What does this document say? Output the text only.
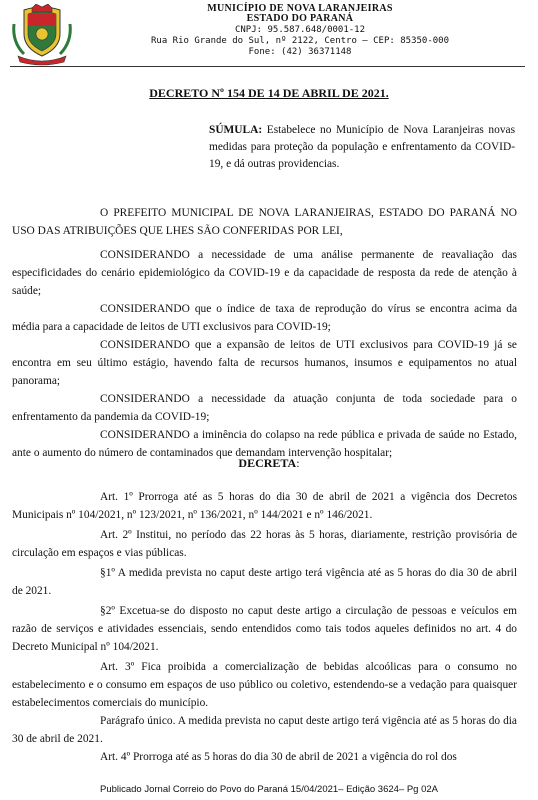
MUNICÍPIO DE NOVA LARANJEIRAS
ESTADO DO PARANÁ
CNPJ: 95.587.648/0001-12
Rua Rio Grande do Sul, nº 2122, Centro – CEP: 85350-000
Fone: (42) 36371148
DECRETO Nº 154 DE 14 DE ABRIL DE 2021.
SÚMULA: Estabelece no Município de Nova Laranjeiras novas medidas para proteção da população e enfrentamento da COVID-19, e dá outras providencias.

O PREFEITO MUNICIPAL DE NOVA LARANJEIRAS, ESTADO DO PARANÁ NO USO DAS ATRIBUIÇÕES QUE LHES SÃO CONFERIDAS POR LEI,

CONSIDERANDO a necessidade de uma análise permanente de reavaliação das especificidades do cenário epidemiológico da COVID-19 e da capacidade de resposta da rede de atenção à saúde;

CONSIDERANDO que o índice de taxa de reprodução do vírus se encontra acima da média para a capacidade de leitos de UTI exclusivos para COVID-19;

CONSIDERANDO que a expansão de leitos de UTI exclusivos para COVID-19 já se encontra em seu último estágio, havendo falta de recursos humanos, insumos e equipamentos no atual panorama;

CONSIDERANDO a necessidade da atuação conjunta de toda sociedade para o enfrentamento da pandemia da COVID-19;

CONSIDERANDO a iminência do colapso na rede pública e privada de saúde no Estado, ante o aumento do número de contaminados que demandam intervenção hospitalar;

DECRETA:

Art. 1º Prorroga até as 5 horas do dia 30 de abril de 2021 a vigência dos Decretos Municipais nº 104/2021, nº 123/2021, nº 136/2021, nº 144/2021 e nº 146/2021.

Art. 2º Institui, no período das 22 horas às 5 horas, diariamente, restrição provisória de circulação em espaços e vias públicas.

§1º A medida prevista no caput deste artigo terá vigência até as 5 horas do dia 30 de abril de 2021.

§2º Excetua-se do disposto no caput deste artigo a circulação de pessoas e veículos em razão de serviços e atividades essenciais, sendo entendidos como tais todos aqueles definidos no art. 4 do Decreto Municipal nº 104/2021.

Art. 3º Fica proibida a comercialização de bebidas alcoólicas para o consumo no estabelecimento e o consumo em espaços de uso público ou coletivo, estendendo-se a vedação para quaisquer estabelecimentos comerciais do município.

Parágrafo único. A medida prevista no caput deste artigo terá vigência até as 5 horas do dia 30 de abril de 2021.

Art. 4º Prorroga até as 5 horas do dia 30 de abril de 2021 a vigência do rol dos

Publicado Jornal Correio do Povo do Paraná 15/04/2021– Edição 3624– Pg 02A
